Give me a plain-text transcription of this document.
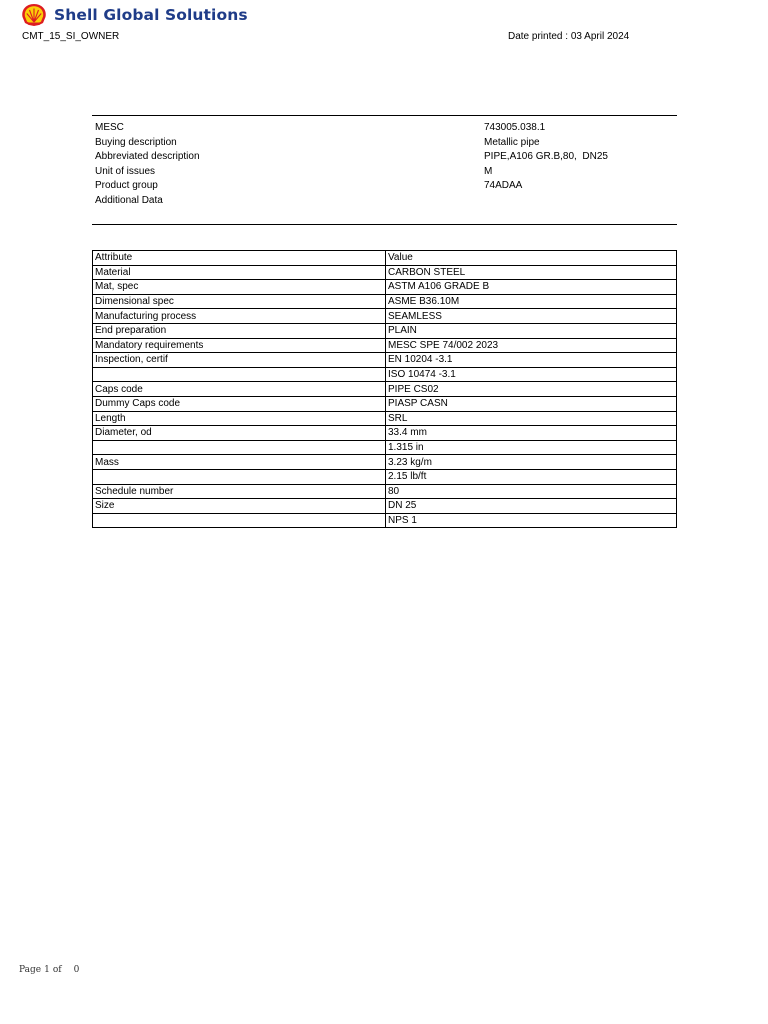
Shell Global Solutions
CMT_15_SI_OWNER	Date printed : 03 April 2024
MESC	743005.038.1
Buying description	Metallic pipe
Abbreviated description	PIPE,A106 GR.B,80,  DN25
Unit of issues	M
Product group	74ADAA
Additional Data
Attribute	Value
Material	CARBON STEEL
Mat, spec	ASTM A106 GRADE B
Dimensional spec	ASME B36.10M
Manufacturing process	SEAMLESS
End preparation	PLAIN
Mandatory requirements	MESC SPE 74/002 2023
Inspection, certif	EN 10204 -3.1
	ISO 10474 -3.1
Caps code	PIPE CS02
Dummy Caps code	PIASP CASN
Length	SRL
Diameter, od	33.4 mm
	1.315 in
Mass	3.23 kg/m
	2.15 lb/ft
Schedule number	80
Size	DN 25
	NPS 1
Page 1 of 0
